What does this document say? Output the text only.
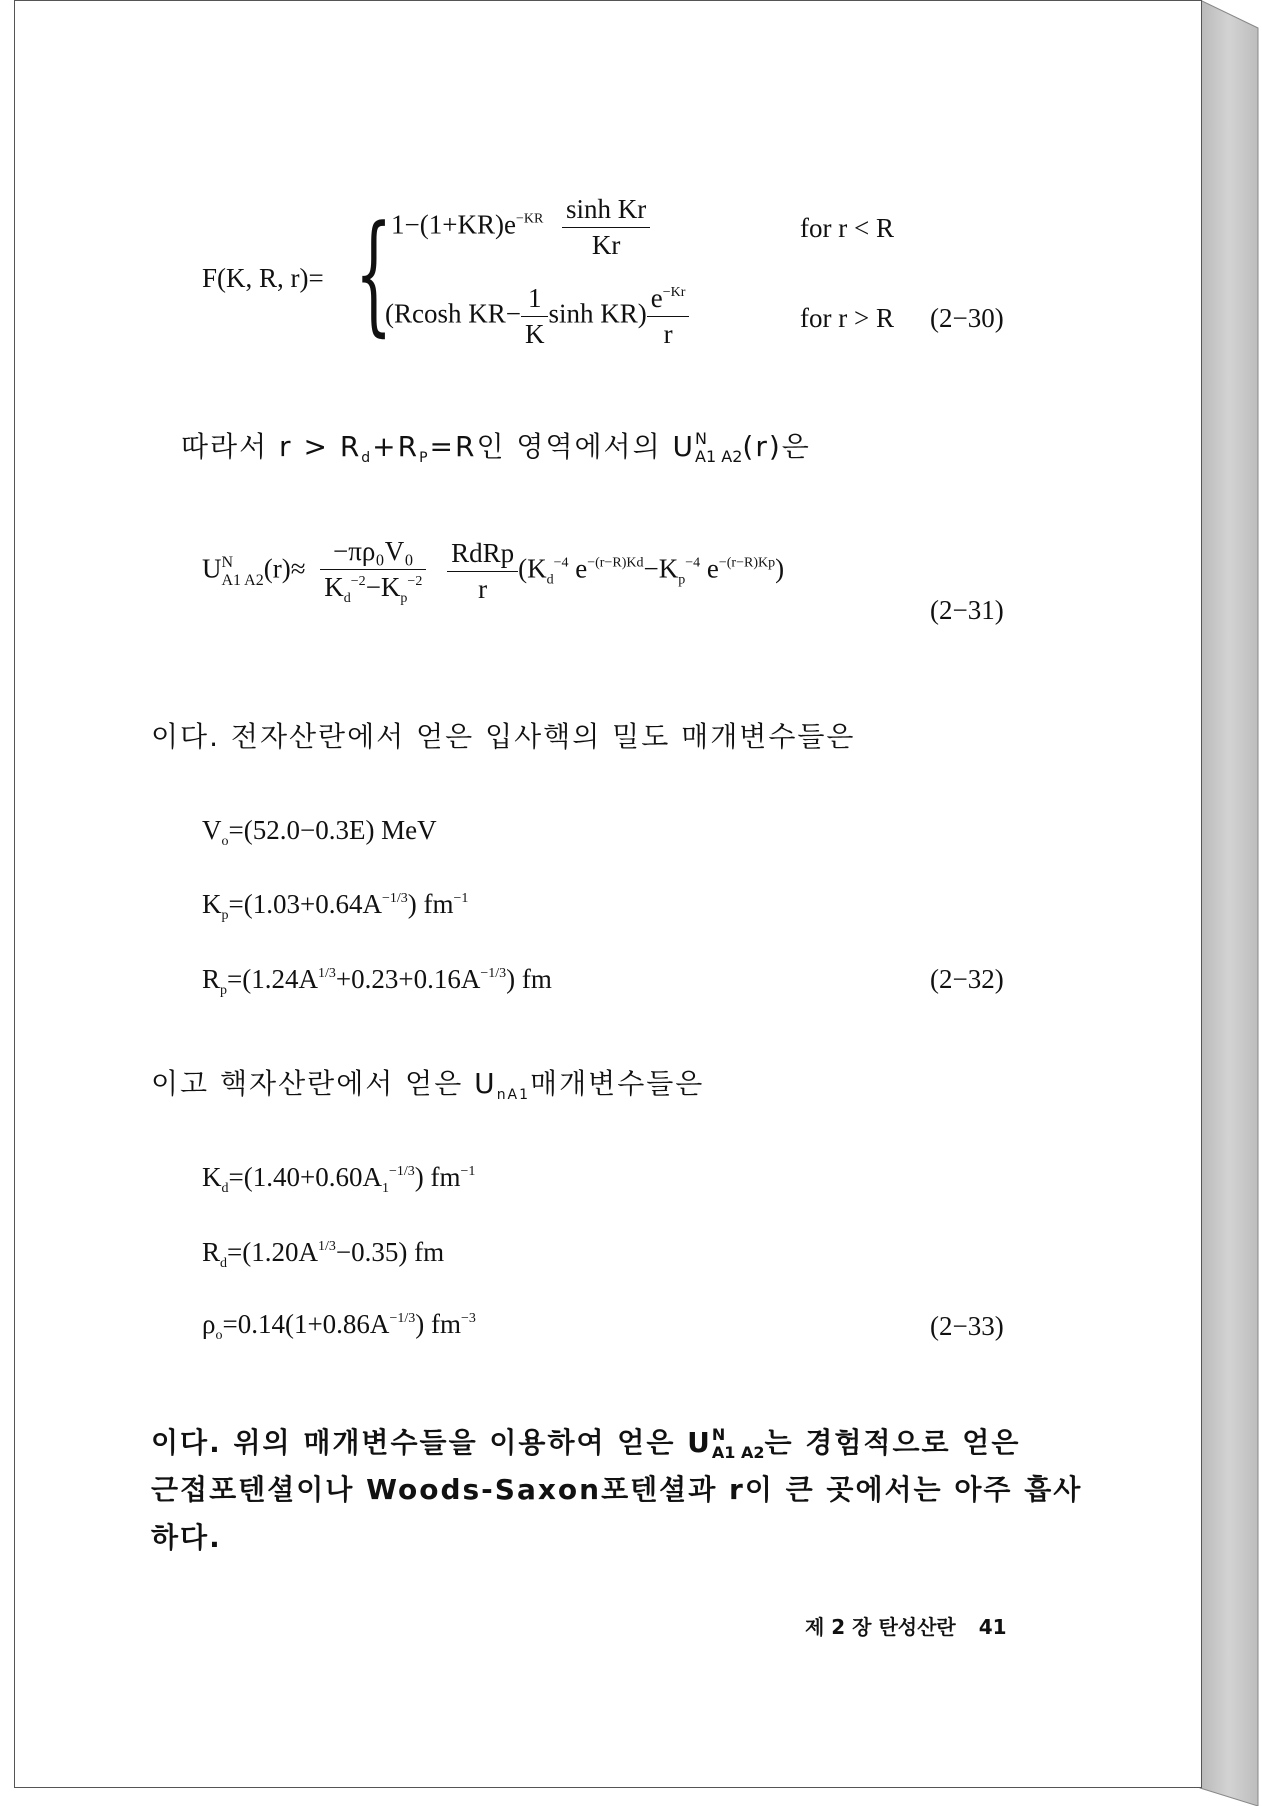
F(K, R, r)= {
$1-(1+KR)e^{-KR} \frac{\text{sinh Kr}}{Kr}$	for r < R
(Rcosh $KR- \frac{1}{K}$ $\sinh KR) \frac{e^{-Kr}}{r}$	for r > R (2−30)
따라서 $r > R_d+R_P=R$인 영역에서의 U N
A1 A2 (r)은
U N
A1 A2 $(r)\approx \frac{\text{−πρ₀V₀}}{K_d^{-2}-K_p^{-2}}$
$\frac{\text{RdRp}}{r} (K_d^{-4}$ $e^{-(r-R)Kd}-K_p^{-4}$ $e^{-(r-R)Kp}$)
(2−31)
이다. 전자산란에서 얻은 입사핵의 밀도 매개변수들은
$V_o=(52.0-0.3E)$ MeV
$K_p=(1.03+0.64A^{-1/3})$ $fm^{-1}$
$R_p=(1.24A^{1/3}+0.23+0.16A^{-1/3})$ fm	(2−32)
이고 핵자산란에서 얻은 $U_{nA1}$매개변수들은
$K_d=(1.40+0.60A_1^{-1/3})$ $fm^{-1}$
$R_d=(1.20A^{1/3}-0.35)$ fm
$\rho_o=0.14(1+0.86A^{-1/3})$ $fm^{-3}$	(2−33)
이다. 위의 매개변수들을 이용하여 얻은 U N
A1 A2 는 경험적으로 얻은
근접포텐셜이나 Woods-Saxon포텐셜과 r이 큰 곳에서는 아주 흡사
하다.
제 2 장 탄성산란 41
